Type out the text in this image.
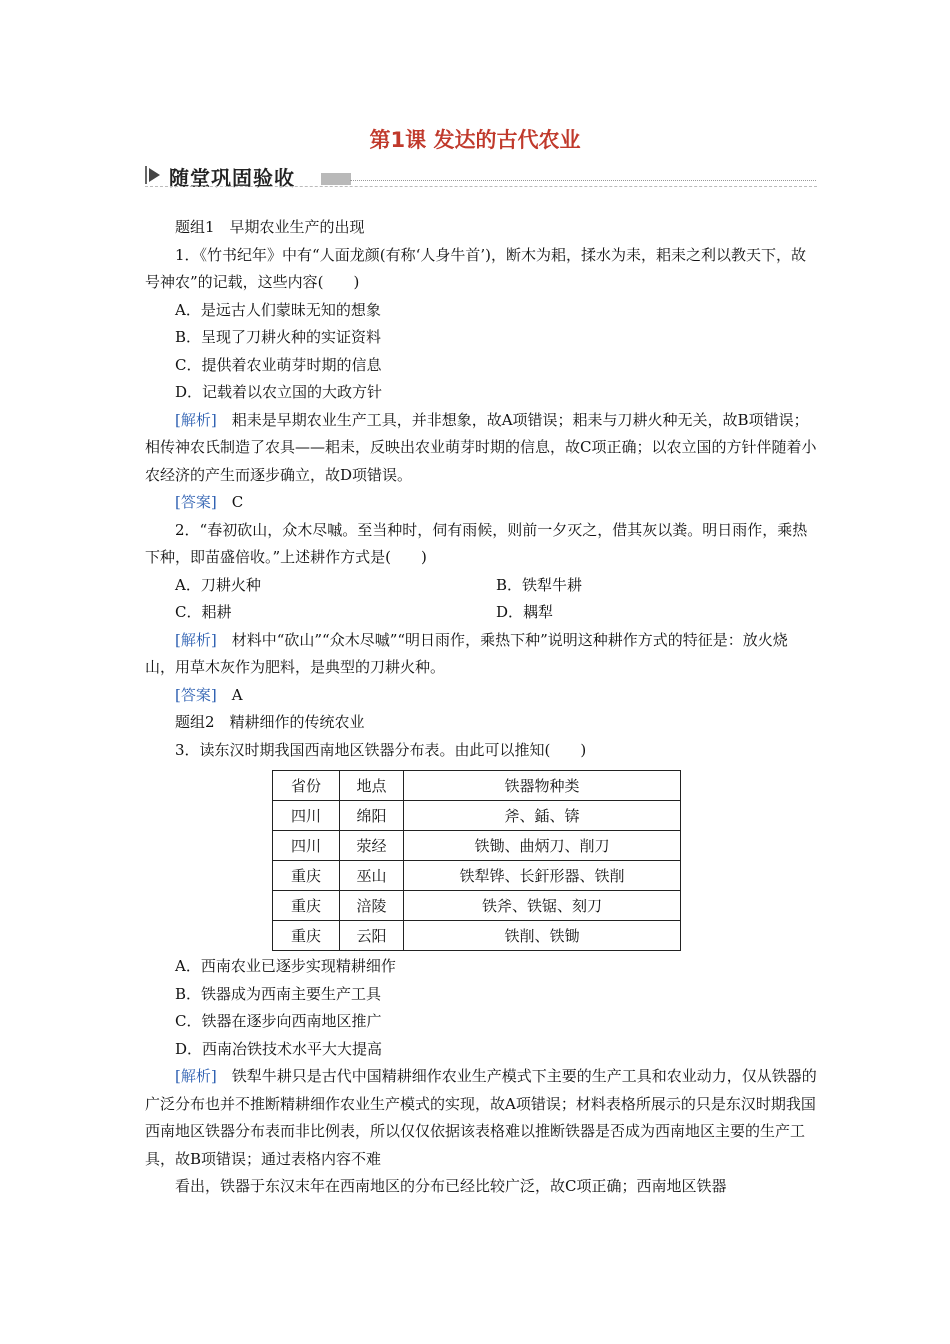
第1课 发达的古代农业
随堂巩固验收

题组1　早期农业生产的出现

1．《竹书纪年》中有“人面龙颜(有称‘人身牛首’)，断木为耜，揉水为耒，耜耒之利以教天下，故号神农”的记载，这些内容(　　)

A．是远古人们蒙昧无知的想象

B．呈现了刀耕火种的实证资料

C．提供着农业萌芽时期的信息

D．记载着以农立国的大政方针

[解析]　耜耒是早期农业生产工具，并非想象，故A项错误；耜耒与刀耕火种无关，故B项错误；相传神农氏制造了农具——耜耒，反映出农业萌芽时期的信息，故C项正确；以农立国的方针伴随着小农经济的产生而逐步确立，故D项错误。

[答案]　C

2．“春初砍山，众木尽嘁。至当种时，伺有雨候，则前一夕灭之，借其灰以粪。明日雨作，乘热下种，即苗盛倍收。”上述耕作方式是(　　)

A．刀耕火种	B．铁犁牛耕
C．耜耕	D．耦犁

[解析]　材料中“砍山”“众木尽嘁”“明日雨作，乘热下种”说明这种耕作方式的特征是：放火烧山，用草木灰作为肥料，是典型的刀耕火种。

[答案]　A

题组2　精耕细作的传统农业

3．读东汉时期我国西南地区铁器分布表。由此可以推知(　　)

省份	地点	铁器物种类
四川	绵阳	斧、鍤、锛
四川	荥经	铁锄、曲炳刀、削刀
重庆	巫山	铁犁铧、长釬形器、铁削
重庆	涪陵	铁斧、铁锯、刻刀
重庆	云阳	铁削、铁锄

A．西南农业已逐步实现精耕细作

B．铁器成为西南主要生产工具

C．铁器在逐步向西南地区推广

D．西南冶铁技术水平大大提高

[解析]　铁犁牛耕只是古代中国精耕细作农业生产模式下主要的生产工具和农业动力，仅从铁器的广泛分布也并不推断精耕细作农业生产模式的实现，故A项错误；材料表格所展示的只是东汉时期我国西南地区铁器分布表而非比例表，所以仅仅依据该表格难以推断铁器是否成为西南地区主要的生产工具，故B项错误；通过表格内容不难

看出，铁器于东汉末年在西南地区的分布已经比较广泛，故C项正确；西南地区铁器
